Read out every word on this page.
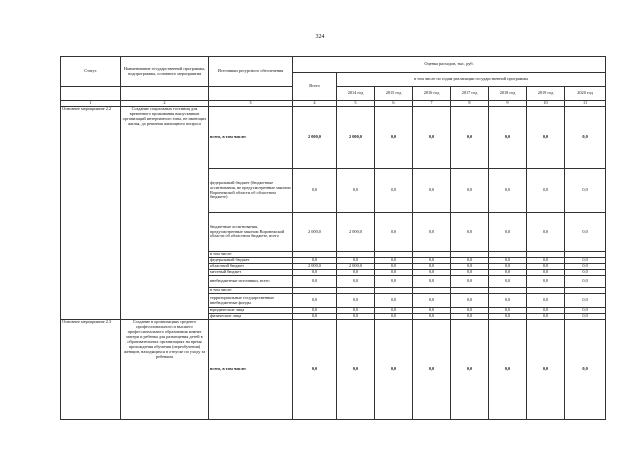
324
Статус	Наименование государственной программы, подпрограммы, основного мероприятия	Источники ресурсного обеспечения	Оценка расходов, тыс. руб.							
			Всего	в том числе по годам реализации государственной программы						
				2014 год	2015 год	2016 год	2017 год	2018 год	2019 год	2020 год
1	2	3	4	5	6	7	8	9	10	11
Основное мероприятие 2.2	Создание социальных гостиниц для временного проживания выпускников организаций интернатного типа, не имеющих жилья, до решения жилищного вопроса	всего, в том числе:	2 000,0	2 000,0	0,0	0,0	0,0	0,0	0,0	0,0
		федеральный бюджет (бюджетные ассигнования, не предусмотренные законом Воронежской области об областном бюджете)	0,0	0,0	0,0	0,0	0,0	0,0	0,0	0,0
		бюджетные ассигнования, предусмотренные законом Воронежской области об областном бюджете, всего	2 000,0	2 000,0	0,0	0,0	0,0	0,0	0,0	0,0
		в том числе:								
		федеральный бюджет	0,0	0,0	0,0	0,0	0,0	0,0	0,0	0,0
		областной бюджет	2 000,0	2 000,0	0,0	0,0	0,0	0,0	0,0	0,0
		местный бюджет	0,0	0,0	0,0	0,0	0,0	0,0	0,0	0,0
		внебюджетные источники, всего	0,0	0,0	0,0	0,0	0,0	0,0	0,0	0,0
		в том числе:								
		территориальные государственные внебюджетные фонды	0,0	0,0	0,0	0,0	0,0	0,0	0,0	0,0
		юридические лица	0,0	0,0	0,0	0,0	0,0	0,0	0,0	0,0
		физические лица	0,0	0,0	0,0	0,0	0,0	0,0	0,0	0,0
Основное мероприятие 2.3	Создание в организациях среднего профессионального и высшего профессионального образования комнат матери и ребенка для размещения детей в образовательных организациях на время прохождения обучения (переобучения) женщин, находящихся в отпуске по уходу за ребенком	всего, в том числе:	0,0	0,0	0,0	0,0	0,0	0,0	0,0	0,0
